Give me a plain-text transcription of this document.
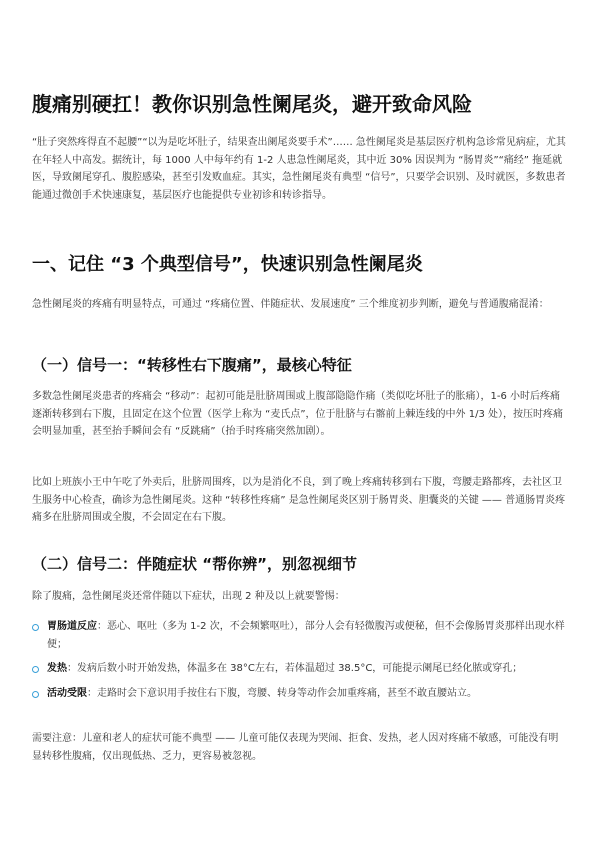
腹痛别硬扛！教你识别急性阑尾炎，避开致命风险

“肚子突然疼得直不起腰”“以为是吃坏肚子，结果查出阑尾炎要手术”…… 急性阑尾炎是基层医疗机构急诊常见病症，尤其在年轻人中高发。据统计，每 1000 人中每年约有 1-2 人患急性阑尾炎，其中近 30% 因误判为 “肠胃炎”“痛经” 拖延就医，导致阑尾穿孔、腹腔感染，甚至引发败血症。其实，急性阑尾炎有典型 “信号”，只要学会识别、及时就医，多数患者能通过微创手术快速康复，基层医疗也能提供专业初诊和转诊指导。

一、记住 “3 个典型信号”，快速识别急性阑尾炎

急性阑尾炎的疼痛有明显特点，可通过 “疼痛位置、伴随症状、发展速度” 三个维度初步判断，避免与普通腹痛混淆：

（一）信号一：“转移性右下腹痛”，最核心特征

多数急性阑尾炎患者的疼痛会 “移动”：起初可能是肚脐周围或上腹部隐隐作痛（类似吃坏肚子的胀痛），1-6 小时后疼痛逐渐转移到右下腹，且固定在这个位置（医学上称为 “麦氏点”，位于肚脐与右髂前上棘连线的中外 1/3 处），按压时疼痛会明显加重，甚至抬手瞬间会有 “反跳痛”（抬手时疼痛突然加剧）。

比如上班族小王中午吃了外卖后，肚脐周围疼，以为是消化不良，到了晚上疼痛转移到右下腹，弯腰走路都疼，去社区卫生服务中心检查，确诊为急性阑尾炎。这种 “转移性疼痛” 是急性阑尾炎区别于肠胃炎、胆囊炎的关键 —— 普通肠胃炎疼痛多在肚脐周围或全腹，不会固定在右下腹。

（二）信号二：伴随症状 “帮你辨”，别忽视细节

除了腹痛，急性阑尾炎还常伴随以下症状，出现 2 种及以上就要警惕：

胃肠道反应：恶心、呕吐（多为 1-2 次，不会频繁呕吐），部分人会有轻微腹泻或便秘，但不会像肠胃炎那样出现水样便；
发热：发病后数小时开始发热，体温多在 38°C左右，若体温超过 38.5°C，可能提示阑尾已经化脓或穿孔；
活动受限：走路时会下意识用手按住右下腹，弯腰、转身等动作会加重疼痛，甚至不敢直腰站立。

需要注意：儿童和老人的症状可能不典型 —— 儿童可能仅表现为哭闹、拒食、发热，老人因对疼痛不敏感，可能没有明显转移性腹痛，仅出现低热、乏力，更容易被忽视。
